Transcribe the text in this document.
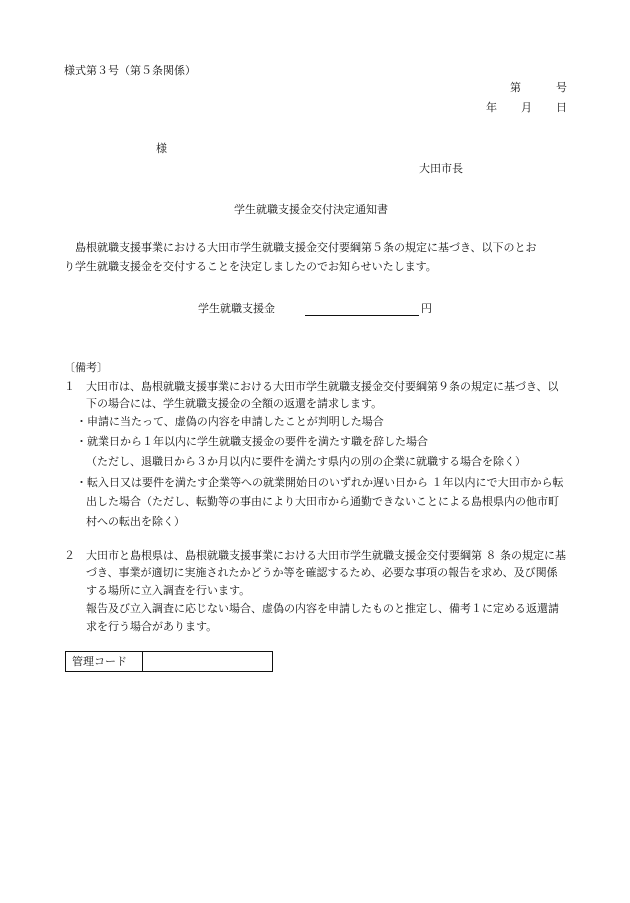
様式第３号（第５条関係）
第	号
年 月 日
様
大田市長
学生就職支援金交付決定通知書
島根就職支援事業における大田市学生就職支援金交付要綱第５条の規定に基づき、以下のとお
り学生就職支援金を交付することを決定しましたのでお知らせいたします。
学生就職支援金	円
〔備考〕
１ 大田市は、島根就職支援事業における大田市学生就職支援金交付要綱第９条の規定に基づき、以
下の場合には、学生就職支援金の全額の返還を請求します。
・申請に当たって、虚偽の内容を申請したことが判明した場合
・就業日から１年以内に学生就職支援金の要件を満たす職を辞した場合
（ただし、退職日から３か月以内に要件を満たす県内の別の企業に就職する場合を除く）
・転入日又は要件を満たす企業等への就業開始日のいずれか遅い日から １年以内にで大田市から転
出した場合（ただし、転勤等の事由により大田市から通勤できないことによる島根県内の他市町
村への転出を除く）
２ 大田市と島根県は、島根就職支援事業における大田市学生就職支援金交付要綱第 ８ 条の規定に基
づき、事業が適切に実施されたかどうか等を確認するため、必要な事項の報告を求め、及び関係
する場所に立入調査を行います。
報告及び立入調査に応じない場合、虚偽の内容を申請したものと推定し、備考１に定める返還請
求を行う場合があります。
管理コード	
